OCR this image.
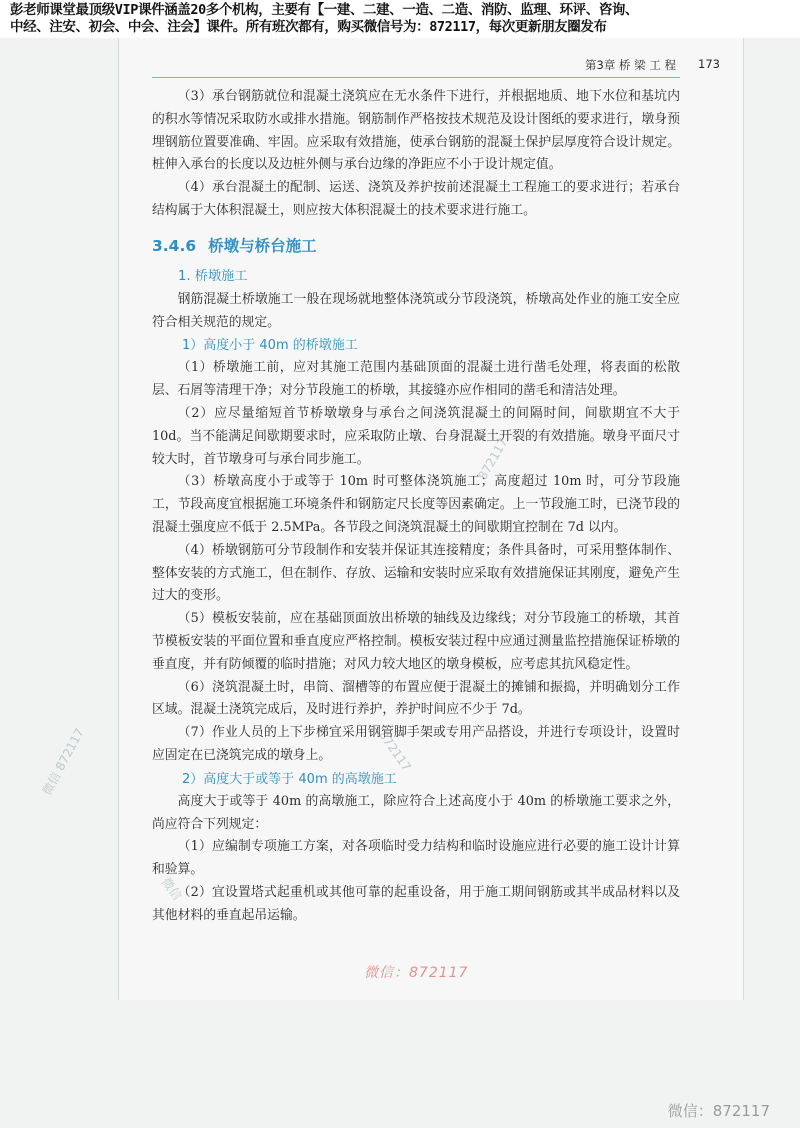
彭老师课堂最顶级VIP课件涵盖20多个机构，主要有【一建、二建、一造、二造、消防、监理、环评、咨询、
中经、注安、初会、中会、注会】课件。所有班次都有，购买微信号为：872117，每次更新朋友圈发布
第3章 桥 梁 工 程 173

（3）承台钢筋就位和混凝土浇筑应在无水条件下进行，并根据地质、地下水位和基坑内的积水等情况采取防水或排水措施。钢筋制作严格按技术规范及设计图纸的要求进行，墩身预埋钢筋位置要准确、牢固。应采取有效措施，使承台钢筋的混凝土保护层厚度符合设计规定。桩伸入承台的长度以及边桩外侧与承台边缘的净距应不小于设计规定值。

（4）承台混凝土的配制、运送、浇筑及养护按前述混凝土工程施工的要求进行；若承台结构属于大体积混凝土，则应按大体积混凝土的技术要求进行施工。

3.4.6 桥墩与桥台施工
1. 桥墩施工

钢筋混凝土桥墩施工一般在现场就地整体浇筑或分节段浇筑，桥墩高处作业的施工安全应符合相关规范的规定。

1）高度小于 40m 的桥墩施工

（1）桥墩施工前，应对其施工范围内基础顶面的混凝土进行凿毛处理，将表面的松散层、石屑等清理干净；对分节段施工的桥墩，其接缝亦应作相同的凿毛和清洁处理。

（2）应尽量缩短首节桥墩墩身与承台之间浇筑混凝土的间隔时间，间歇期宜不大于 10d。当不能满足间歇期要求时，应采取防止墩、台身混凝土开裂的有效措施。墩身平面尺寸较大时，首节墩身可与承台同步施工。

（3）桥墩高度小于或等于 10m 时可整体浇筑施工；高度超过 10m 时，可分节段施工，节段高度宜根据施工环境条件和钢筋定尺长度等因素确定。上一节段施工时，已浇节段的混凝土强度应不低于 2.5MPa。各节段之间浇筑混凝土的间歇期宜控制在 7d 以内。

（4）桥墩钢筋可分节段制作和安装并保证其连接精度；条件具备时，可采用整体制作、整体安装的方式施工，但在制作、存放、运输和安装时应采取有效措施保证其刚度，避免产生过大的变形。

（5）模板安装前，应在基础顶面放出桥墩的轴线及边缘线；对分节段施工的桥墩，其首节模板安装的平面位置和垂直度应严格控制。模板安装过程中应通过测量监控措施保证桥墩的垂直度，并有防倾覆的临时措施；对风力较大地区的墩身模板，应考虑其抗风稳定性。

（6）浇筑混凝土时，串筒、溜槽等的布置应便于混凝土的摊铺和振捣，并明确划分工作区域。混凝土浇筑完成后，及时进行养护，养护时间应不少于 7d。

（7）作业人员的上下步梯宜采用钢管脚手架或专用产品搭设，并进行专项设计，设置时应固定在已浇筑完成的墩身上。

2）高度大于或等于 40m 的高墩施工

高度大于或等于 40m 的高墩施工，除应符合上述高度小于 40m 的桥墩施工要求之外，尚应符合下列规定：

（1）应编制专项施工方案，对各项临时受力结构和临时设施应进行必要的施工设计计算和验算。

（2）宜设置塔式起重机或其他可靠的起重设备，用于施工期间钢筋或其半成品材料以及其他材料的垂直起吊运输。

微信 872117	872117
872117
微信
微信：872117
微信：872117
